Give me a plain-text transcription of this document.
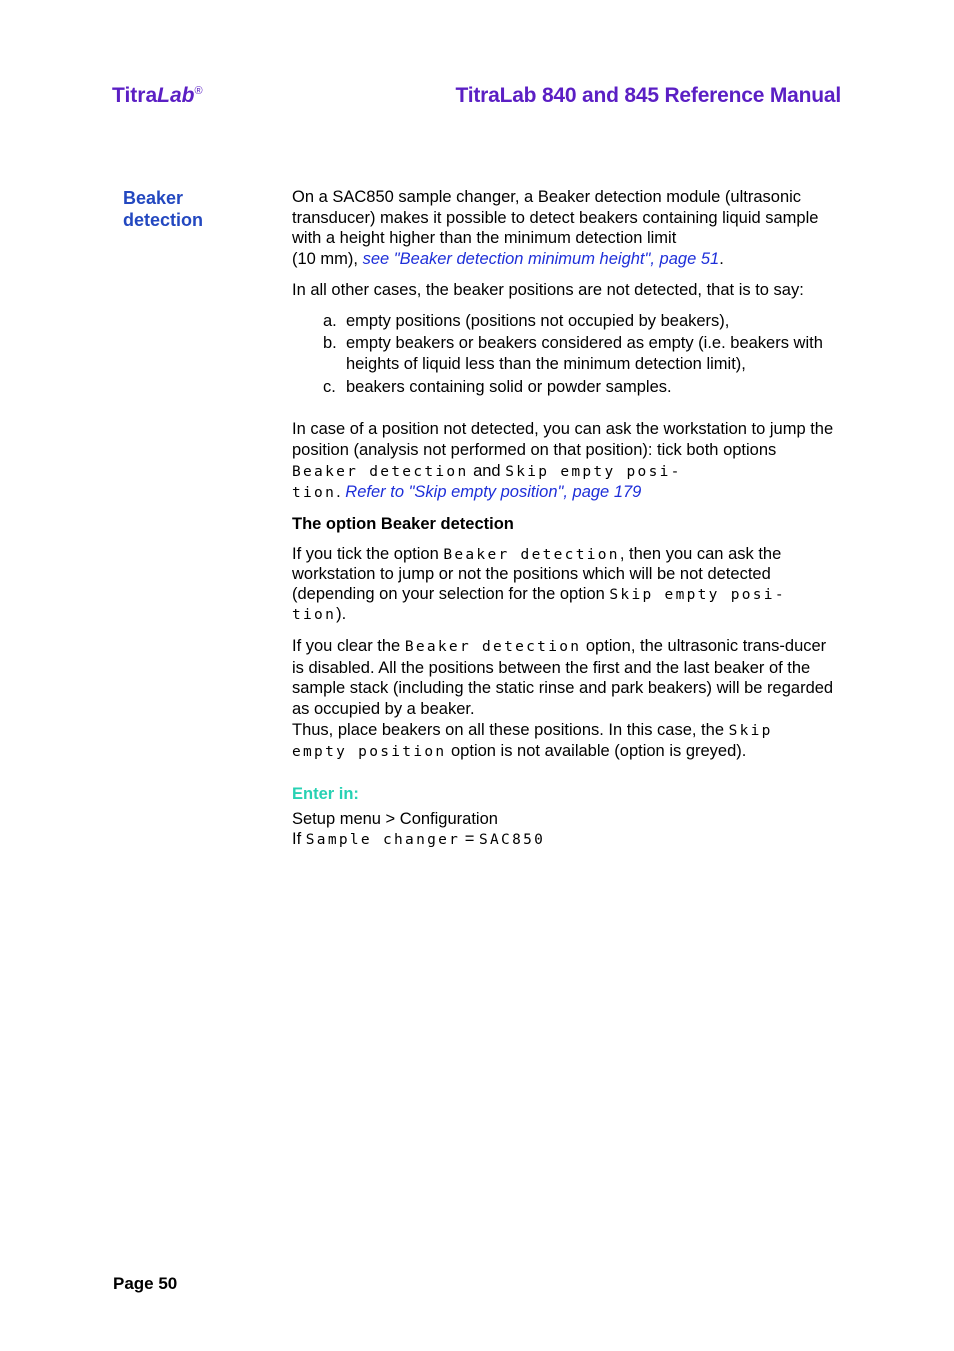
TitraLab®	TitraLab 840 and 845 Reference Manual
Beaker
detection

On a SAC850 sample changer, a Beaker detection module (ultrasonic transducer) makes it possible to detect beakers containing liquid sample with a height higher than the minimum detection limit
(10 mm), see "Beaker detection minimum height", page 51.

In all other cases, the beaker positions are not detected, that is to say:

a. empty positions (positions not occupied by beakers),
b. empty beakers or beakers considered as empty (i.e. beakers with heights of liquid less than the minimum detection limit),
c. beakers containing solid or powder samples.

In case of a position not detected, you can ask the workstation to jump the position (analysis not performed on that position): tick both options Beaker detection and Skip empty posi-
tion. Refer to "Skip empty position", page 179

The option Beaker detection

If you tick the option Beaker detection, then you can ask the workstation to jump or not the positions which will be not detected (depending on your selection for the option Skip empty posi-
tion).

If you clear the Beaker detection option, the ultrasonic trans-ducer is disabled. All the positions between the first and the last beaker of the sample stack (including the static rinse and park beakers) will be regarded as occupied by a beaker.
Thus, place beakers on all these positions. In this case, the Skip
empty position option is not available (option is greyed).

Enter in:
Setup menu > Configuration
If Sample changer = SAC850
Page 50
